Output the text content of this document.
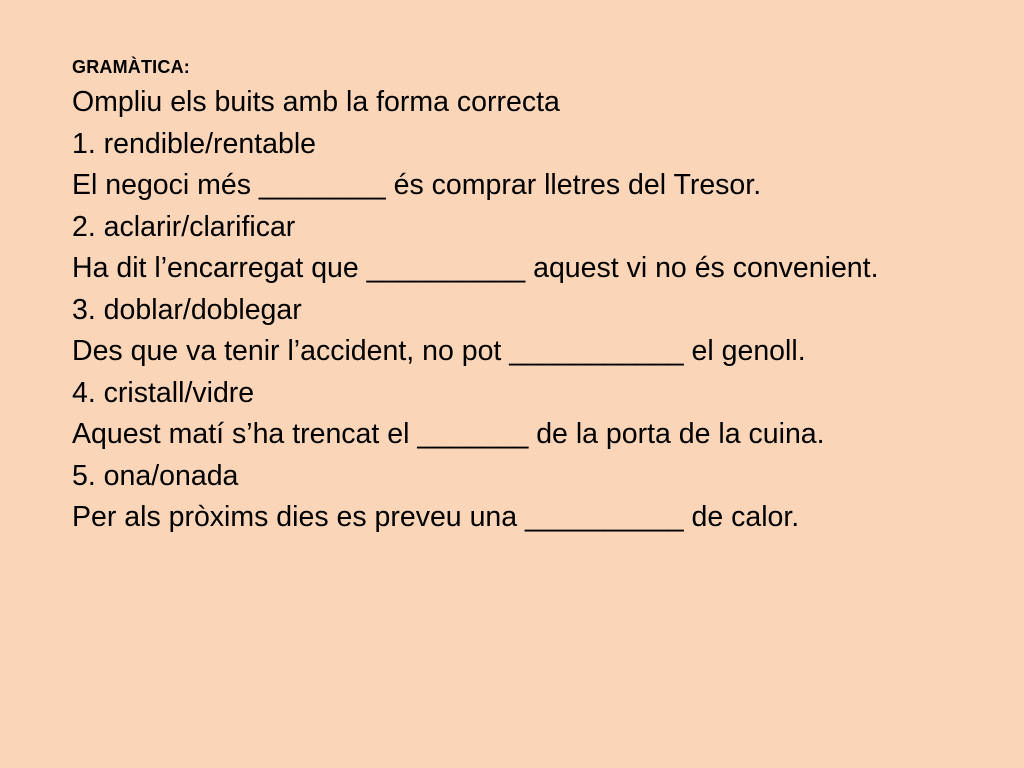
GRAMÀTICA:
Ompliu els buits amb la forma correcta
1. rendible/rentable
El negoci més ________ és comprar lletres del Tresor.
2. aclarir/clarificar
Ha dit l’encarregat que __________ aquest vi no és convenient.
3. doblar/doblegar
Des que va tenir l’accident, no pot ___________ el genoll.
4. cristall/vidre
Aquest matí s’ha trencat el _______ de la porta de la cuina.
5. ona/onada
Per als pròxims dies es preveu una __________ de calor.
